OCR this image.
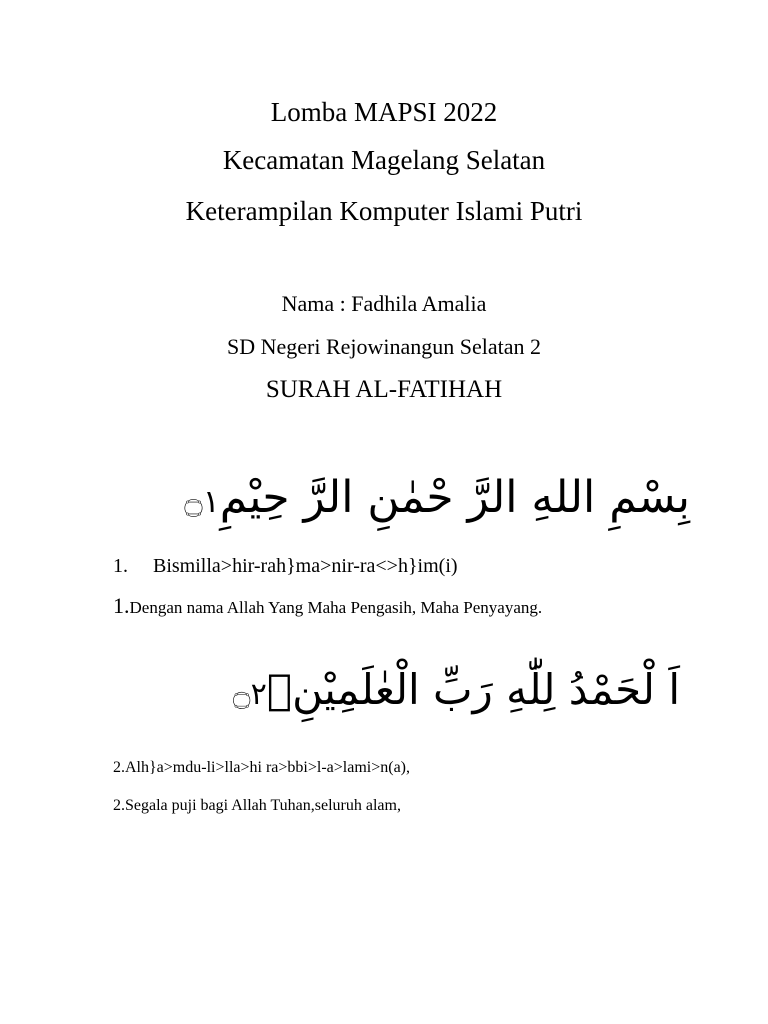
Lomba MAPSI 2022
Kecamatan Magelang Selatan
Keterampilan Komputer Islami Putri
Nama : Fadhila Amalia
SD Negeri Rejowinangun Selatan 2
SURAH AL-FATIHAH
بِسْمِ اللهِ الرَّ حْمٰنِ الرَّ حِيْمِ۝١
1. Bismilla>hir-rah}ma>nir-ra<>h}im(i)
1.Dengan nama Allah Yang Maha Pengasih, Maha Penyayang.
اَ لْحَمْدُ لِلّٰهِ رَبِّ الْعٰلَمِيْنِۙ۝٢
2.Alh}a>mdu-li>lla>hi ra>bbi>l-a>lami>n(a),
2.Segala puji bagi Allah Tuhan,seluruh alam,
